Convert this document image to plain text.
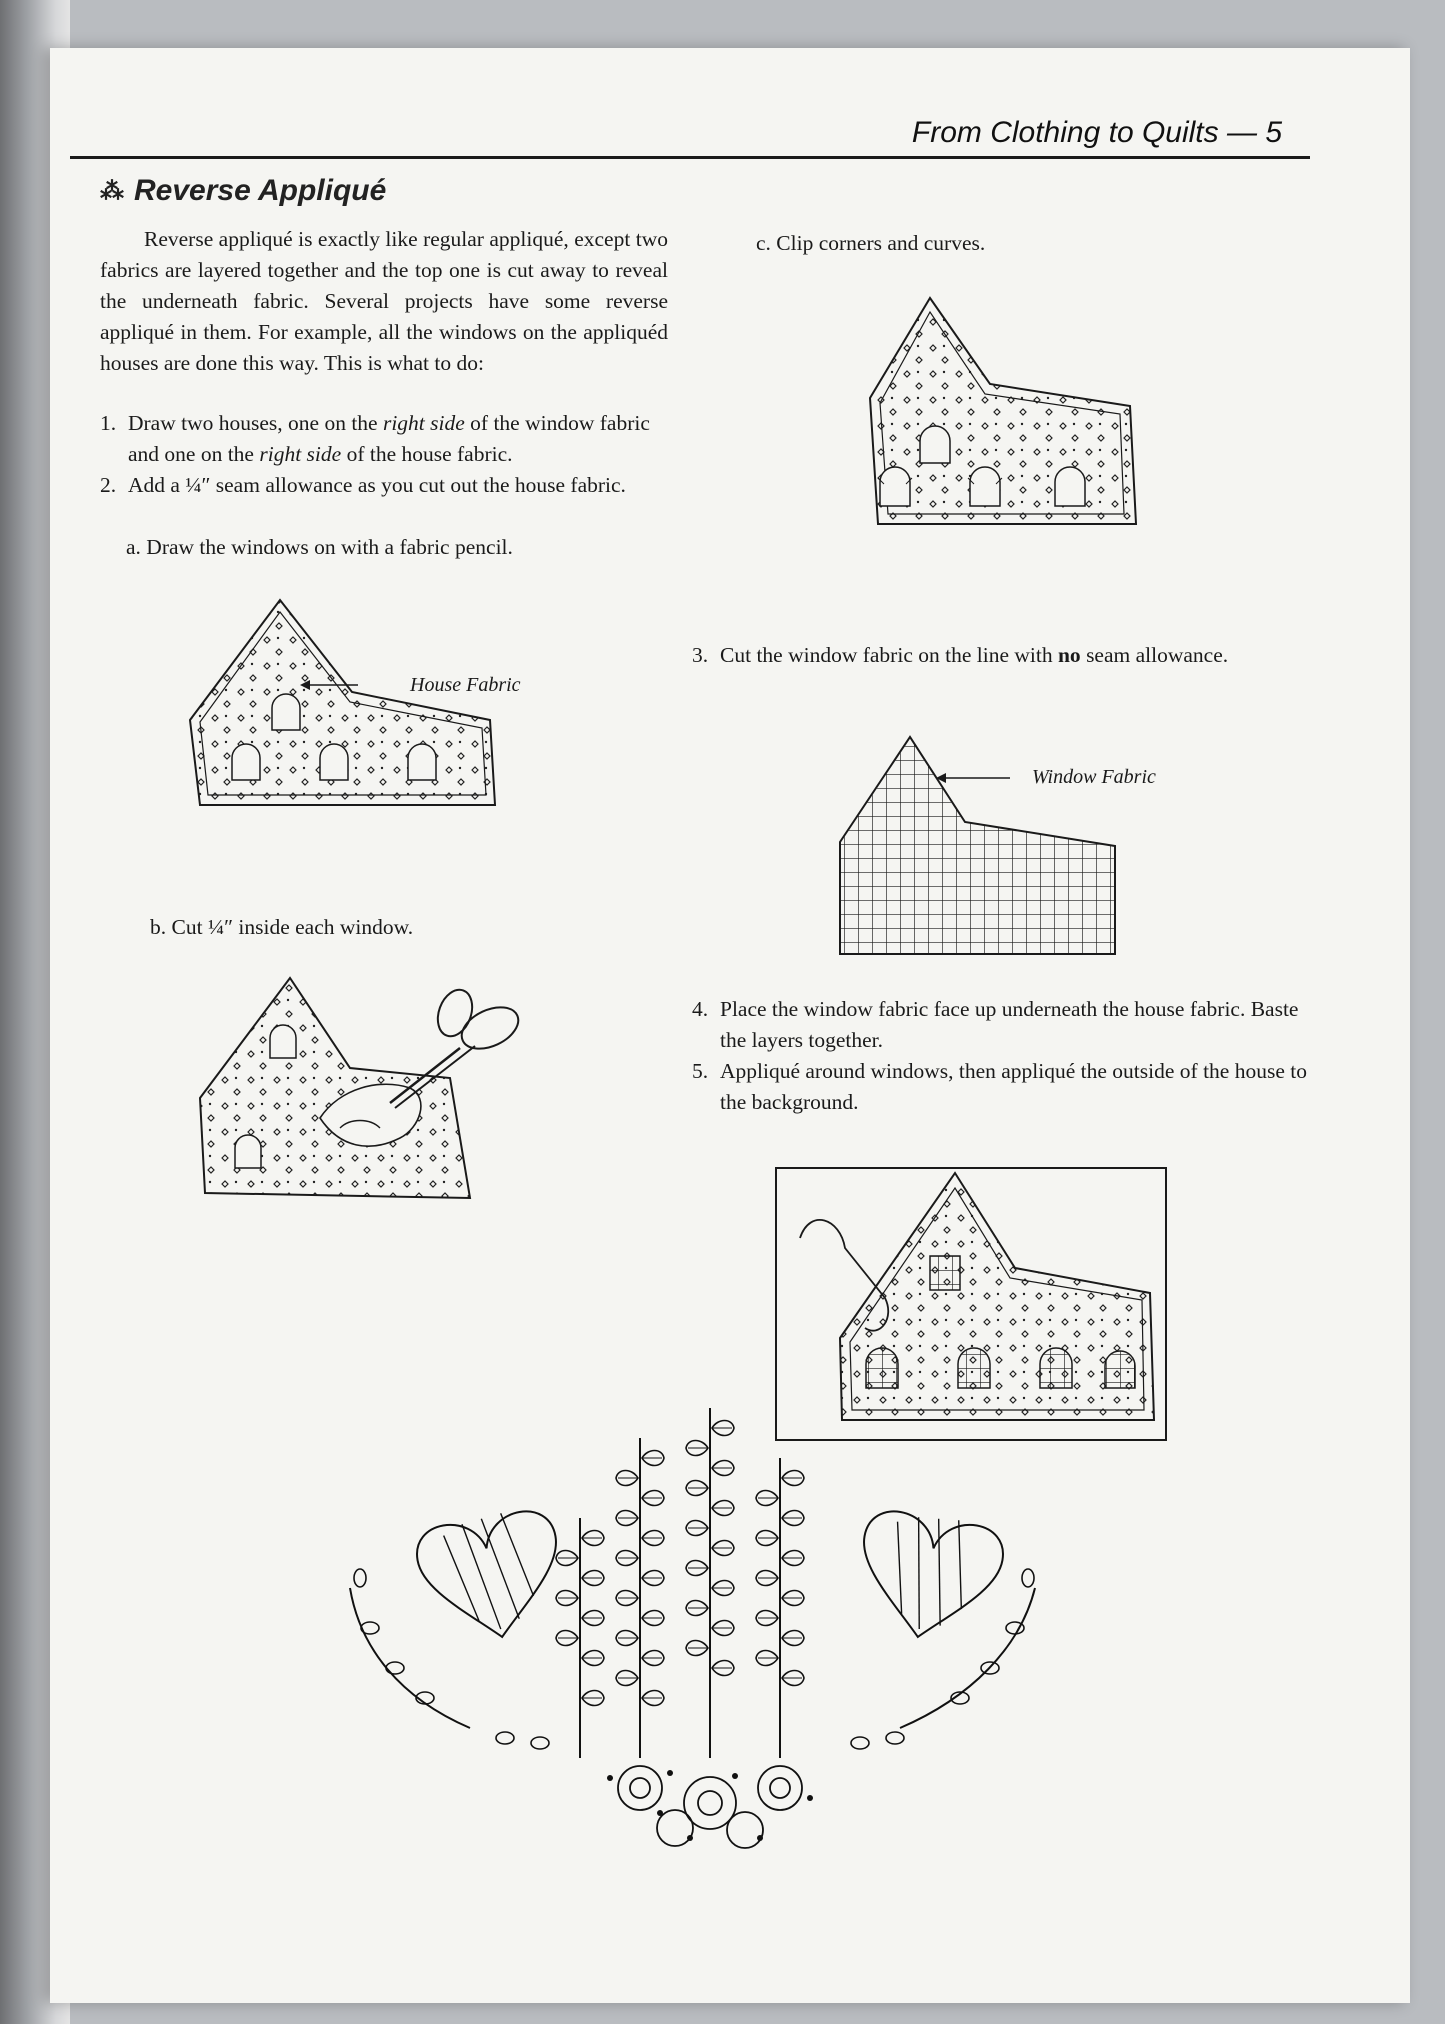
From Clothing to Quilts — 5
⁂ Reverse Appliqué
Reverse appliqué is exactly like regular appliqué, except two fabrics are layered together and the top one is cut away to reveal the underneath fabric. Several projects have some reverse appliqué in them. For example, all the windows on the appliquéd houses are done this way. This is what to do:
1. Draw two houses, one on the right side of the window fabric and one on the right side of the house fabric.
2. Add a ¼″ seam allowance as you cut out the house fabric.
a. Draw the windows on with a fabric pencil.
House Fabric
b. Cut ¼″ inside each window.
c. Clip corners and curves.
3. Cut the window fabric on the line with no seam allowance.
Window Fabric
4. Place the window fabric face up underneath the house fabric. Baste the layers together.
5. Appliqué around windows, then appliqué the outside of the house to the background.
